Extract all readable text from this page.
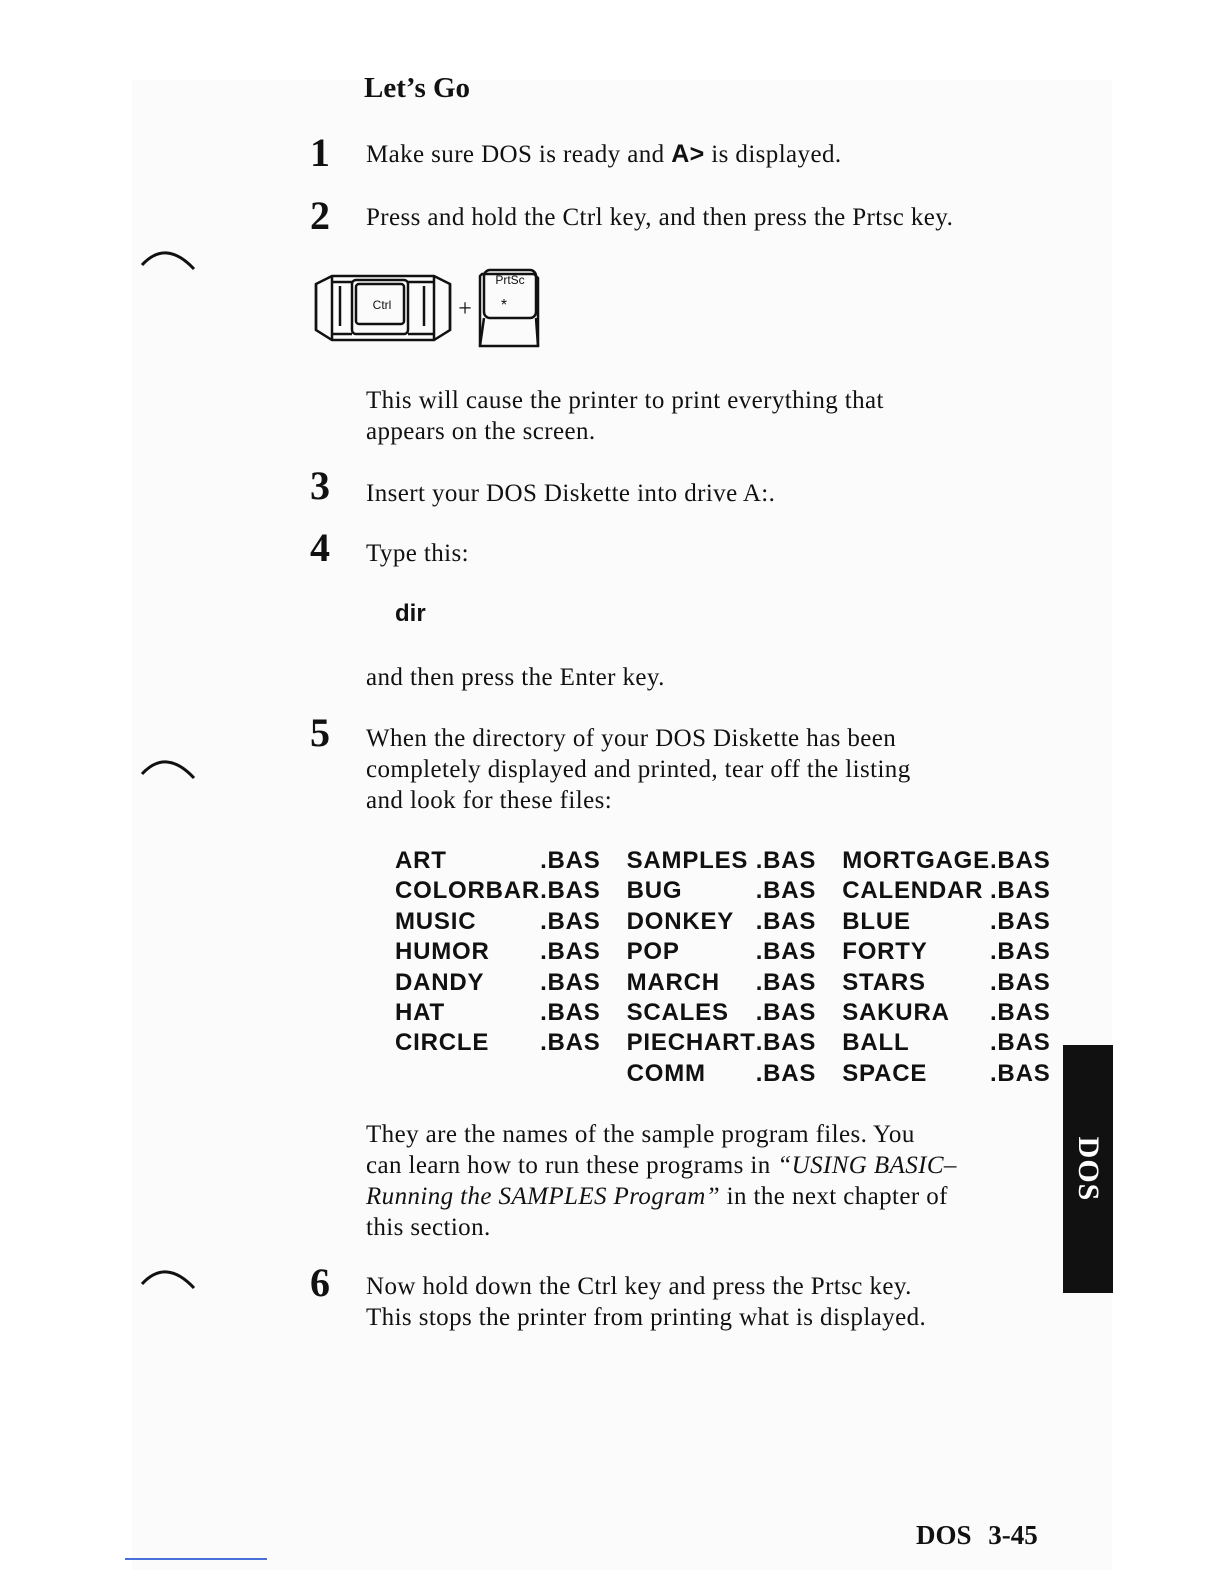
Let’s Go
1 Make sure DOS is ready and A> is displayed.
2 Press and hold the Ctrl key, and then press the Prtsc key.
Ctrl	+
PrtSc
*
This will cause the printer to print everything that
appears on the screen.
3 Insert your DOS Diskette into drive A:.
4 Type this:
dir
and then press the Enter key.
5 When the directory of your DOS Diskette has been
completely displayed and printed, tear off the listing
and look for these files:
ART	.BAS		SAMPLES	.BAS		MORTGAGE	.BAS
COLORBAR	.BAS		BUG	.BAS		CALENDAR	.BAS
MUSIC	.BAS		DONKEY	.BAS		BLUE	.BAS
HUMOR	.BAS		POP	.BAS		FORTY	.BAS
DANDY	.BAS		MARCH	.BAS		STARS	.BAS
HAT	.BAS		SCALES	.BAS		SAKURA	.BAS
CIRCLE	.BAS		PIECHART	.BAS		BALL	.BAS
			COMM	.BAS		SPACE	.BAS
They are the names of the sample program files. You
can learn how to run these programs in “USING BASIC–
Running the SAMPLES Program” in the next chapter of
this section.
6 Now hold down the Ctrl key and press the Prtsc key.
This stops the printer from printing what is displayed.
DOS
DOS 3-45
